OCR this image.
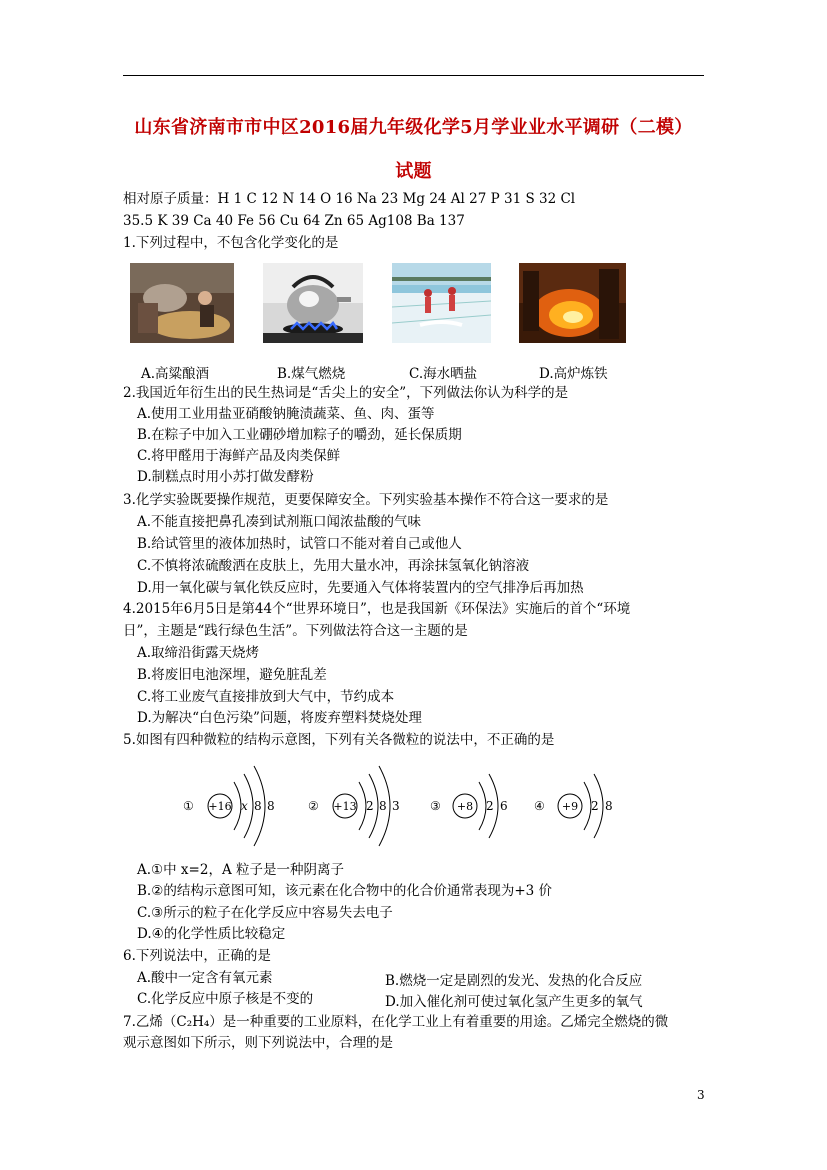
山东省济南市市中区2016届九年级化学5月学业业水平调研（二模）
试题
相对原子质量：H 1 C 12 N 14 O 16 Na 23 Mg 24 Al 27 P 31 S 32 Cl
35.5 K 39 Ca 40 Fe 56 Cu 64 Zn 65 Ag108 Ba 137
1.下列过程中，不包含化学变化的是
A.高粱酿酒	B.煤气燃烧	C.海水晒盐	D.高炉炼铁
2.我国近年衍生出的民生热词是“舌尖上的安全”，下列做法你认为科学的是
A.使用工业用盐亚硝酸钠腌渍蔬菜、鱼、肉、蛋等
B.在粽子中加入工业硼砂增加粽子的嚼劲，延长保质期
C.将甲醛用于海鲜产品及肉类保鲜
D.制糕点时用小苏打做发酵粉
3.化学实验既要操作规范，更要保障安全。下列实验基本操作不符合这一要求的是
A.不能直接把鼻孔凑到试剂瓶口闻浓盐酸的气味
B.给试管里的液体加热时，试管口不能对着自己或他人
C.不慎将浓硫酸洒在皮肤上，先用大量水冲，再涂抹氢氧化钠溶液
D.用一氧化碳与氧化铁反应时，先要通入气体将装置内的空气排净后再加热
4.2015年6月5日是第44个“世界环境日”，也是我国新《环保法》实施后的首个“环境
日”，主题是“践行绿色生活”。下列做法符合这一主题的是
A.取缔沿街露天烧烤
B.将废旧电池深埋，避免脏乱差
C.将工业废气直接排放到大气中，节约成本
D.为解决“白色污染”问题，将废弃塑料焚烧处理
5.如图有四种微粒的结构示意图，下列有关各微粒的说法中，不正确的是
① +16 x 8 8	② +13 2 8 3	③ +8 2 6 ④ +9 2 8
A.①中 x=2，A 粒子是一种阴离子
B.②的结构示意图可知，该元素在化合物中的化合价通常表现为+3 价
C.③所示的粒子在化学反应中容易失去电子
D.④的化学性质比较稳定
6.下列说法中，正确的是
A.酸中一定含有氧元素	B.燃烧一定是剧烈的发光、发热的化合反应
C.化学反应中原子核是不变的	D.加入催化剂可使过氧化氢产生更多的氧气
7.乙烯（C₂H₄）是一种重要的工业原料，在化学工业上有着重要的用途。乙烯完全燃烧的微
观示意图如下所示，则下列说法中，合理的是
3
